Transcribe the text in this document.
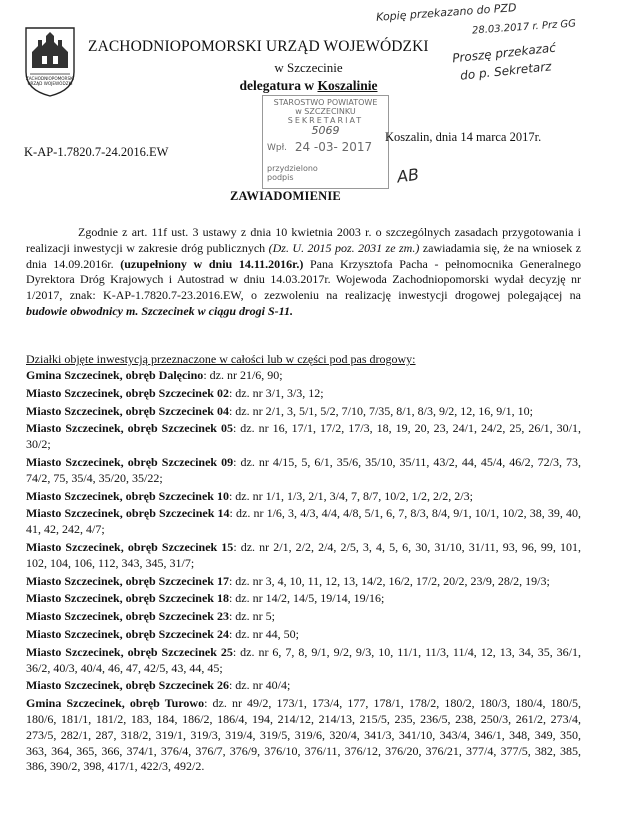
ZACHODNIOPOMORSKI
URZĄD WOJEWÓDZKI
ZACHODNIOPOMORSKI URZĄD WOJEWÓDZKI
w Szczecinie
delegatura w Koszalinie
Kopię przekazano do PZD
28.03.2017 r. Prz GG
Proszę przekazać
do p. Sekretarz
AB
STAROSTWO POWIATOWE
w SZCZECINKU
SEKRETARIAT
5069
Wpł. 24 -03- 2017
przydzielono
podpis
K-AP-1.7820.7-24.2016.EW
Koszalin, dnia 14 marca 2017r.
ZAWIADOMIENIE

Zgodnie z art. 11f ust. 3 ustawy z dnia 10 kwietnia 2003 r. o szczególnych zasadach przygotowania i realizacji inwestycji w zakresie dróg publicznych (Dz. U. 2015 poz. 2031 ze zm.) zawiadamia się, że na wniosek z dnia 14.09.2016r. (uzupełniony w dniu 14.11.2016r.) Pana Krzysztofa Pacha - pełnomocnika Generalnego Dyrektora Dróg Krajowych i Autostrad w dniu 14.03.2017r. Wojewoda Zachodniopomorski wydał decyzję nr 1/2017, znak: K-AP-1.7820.7-23.2016.EW, o zezwoleniu na realizację inwestycji drogowej polegającej na budowie obwodnicy m. Szczecinek w ciągu drogi S-11.

Działki objęte inwestycją przeznaczone w całości lub w części pod pas drogowy:
Gmina Szczecinek, obręb Dalęcino: dz. nr 21/6, 90;
Miasto Szczecinek, obręb Szczecinek 02: dz. nr 3/1, 3/3, 12;
Miasto Szczecinek, obręb Szczecinek 04: dz. nr 2/1, 3, 5/1, 5/2, 7/10, 7/35, 8/1, 8/3, 9/2, 12, 16, 9/1, 10;
Miasto Szczecinek, obręb Szczecinek 05: dz. nr 16, 17/1, 17/2, 17/3, 18, 19, 20, 23, 24/1, 24/2, 25, 26/1, 30/1, 30/2;
Miasto Szczecinek, obręb Szczecinek 09: dz. nr 4/15, 5, 6/1, 35/6, 35/10, 35/11, 43/2, 44, 45/4, 46/2, 72/3, 73, 74/2, 75, 35/4, 35/20, 35/22;
Miasto Szczecinek, obręb Szczecinek 10: dz. nr 1/1, 1/3, 2/1, 3/4, 7, 8/7, 10/2, 1/2, 2/2, 2/3;
Miasto Szczecinek, obręb Szczecinek 14: dz. nr 1/6, 3, 4/3, 4/4, 4/8, 5/1, 6, 7, 8/3, 8/4, 9/1, 10/1, 10/2, 38, 39, 40, 41, 42, 242, 4/7;
Miasto Szczecinek, obręb Szczecinek 15: dz. nr 2/1, 2/2, 2/4, 2/5, 3, 4, 5, 6, 30, 31/10, 31/11, 93, 96, 99, 101, 102, 104, 106, 112, 343, 345, 31/7;
Miasto Szczecinek, obręb Szczecinek 17: dz. nr 3, 4, 10, 11, 12, 13, 14/2, 16/2, 17/2, 20/2, 23/9, 28/2, 19/3;
Miasto Szczecinek, obręb Szczecinek 18: dz. nr 14/2, 14/5, 19/14, 19/16;
Miasto Szczecinek, obręb Szczecinek 23: dz. nr 5;
Miasto Szczecinek, obręb Szczecinek 24: dz. nr 44, 50;
Miasto Szczecinek, obręb Szczecinek 25: dz. nr 6, 7, 8, 9/1, 9/2, 9/3, 10, 11/1, 11/3, 11/4, 12, 13, 34, 35, 36/1, 36/2, 40/3, 40/4, 46, 47, 42/5, 43, 44, 45;
Miasto Szczecinek, obręb Szczecinek 26: dz. nr 40/4;
Gmina Szczecinek, obręb Turowo: dz. nr 49/2, 173/1, 173/4, 177, 178/1, 178/2, 180/2, 180/3, 180/4, 180/5, 180/6, 181/1, 181/2, 183, 184, 186/2, 186/4, 194, 214/12, 214/13, 215/5, 235, 236/5, 238, 250/3, 261/2, 273/4, 273/5, 282/1, 287, 318/2, 319/1, 319/3, 319/4, 319/5, 319/6, 320/4, 341/3, 341/10, 343/4, 346/1, 348, 349, 350, 363, 364, 365, 366, 374/1, 376/4, 376/7, 376/9, 376/10, 376/11, 376/12, 376/20, 376/21, 377/4, 377/5, 382, 385, 386, 390/2, 398, 417/1, 422/3, 492/2.
